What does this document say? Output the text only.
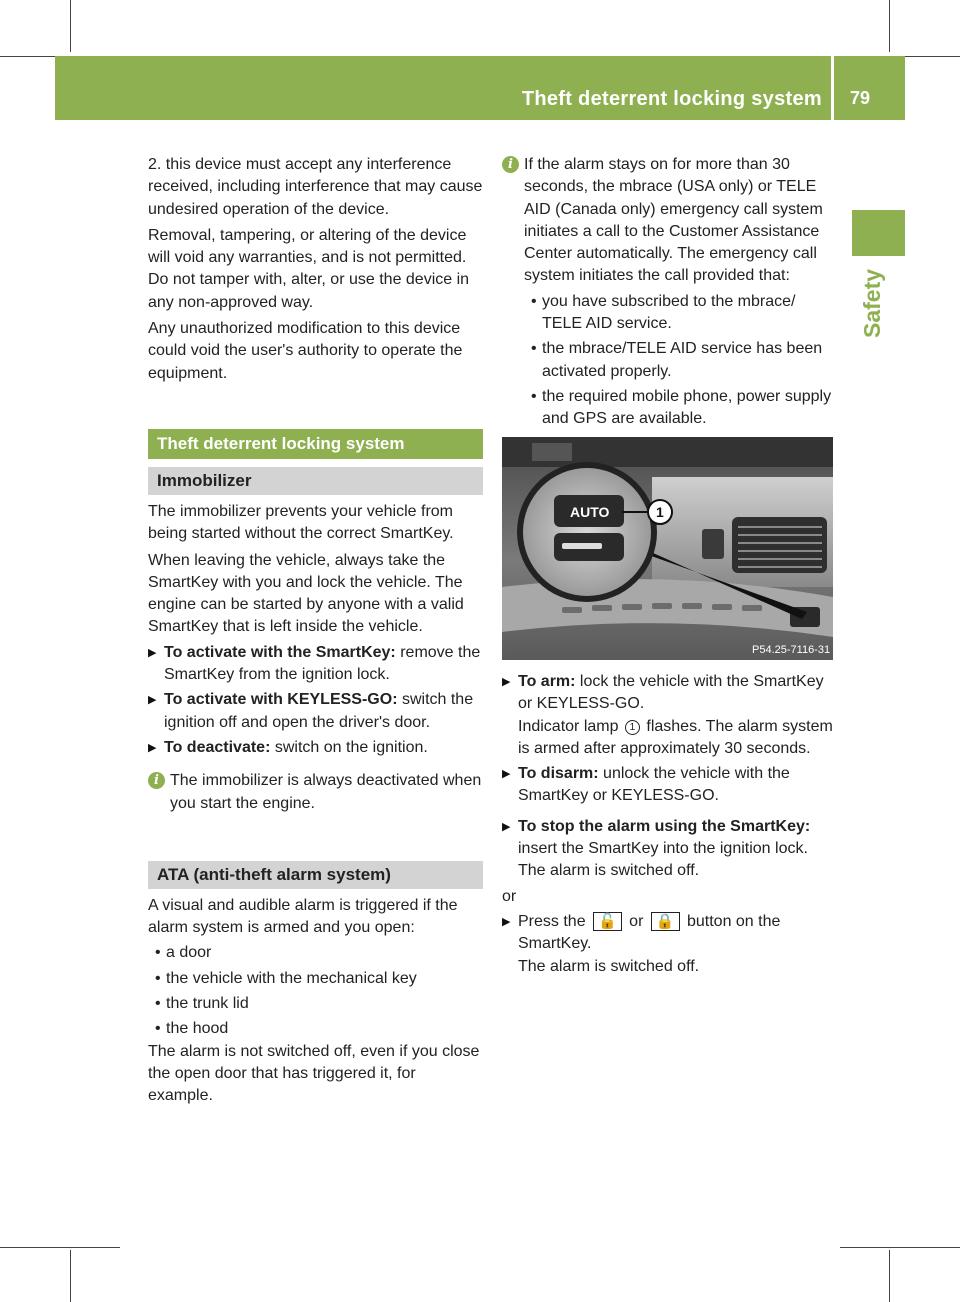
Theft deterrent locking system 79
Safety

2. this device must accept any interference received, including interference that may cause undesired operation of the device.

Removal, tampering, or altering of the device will void any warranties, and is not permitted. Do not tamper with, alter, or use the device in any non-approved way.

Any unauthorized modification to this device could void the user's authority to operate the equipment.

Theft deterrent locking system
Immobilizer

The immobilizer prevents your vehicle from being started without the correct SmartKey.

When leaving the vehicle, always take the SmartKey with you and lock the vehicle. The engine can be started by anyone with a valid SmartKey that is left inside the vehicle.

▶ To activate with the SmartKey: remove the SmartKey from the ignition lock.
▶ To activate with KEYLESS-GO: switch the ignition off and open the driver's door.
▶ To deactivate: switch on the ignition.
i The immobilizer is always deactivated when you start the engine.
ATA (anti-theft alarm system)

A visual and audible alarm is triggered if the alarm system is armed and you open:

• a door
• the vehicle with the mechanical key
• the trunk lid
• the hood

The alarm is not switched off, even if you close the open door that has triggered it, for example.

i If the alarm stays on for more than 30 seconds, the mbrace (USA only) or TELE AID (Canada only) emergency call system initiates a call to the Customer Assistance Center automatically. The emergency call system initiates the call provided that:
• you have subscribed to the mbrace/ TELE AID service.
• the mbrace/TELE AID service has been activated properly.
• the required mobile phone, power supply and GPS are available.
AUTO	1
P54.25-7116-31
▶ To arm: lock the vehicle with the SmartKey or KEYLESS-GO.
Indicator lamp 1 flashes. The alarm system is armed after approximately 30 seconds.
▶ To disarm: unlock the vehicle with the SmartKey or KEYLESS-GO.
▶ To stop the alarm using the SmartKey: insert the SmartKey into the ignition lock.
The alarm is switched off.

or

▶ Press the 🔓 or 🔒 button on the SmartKey.
The alarm is switched off.
